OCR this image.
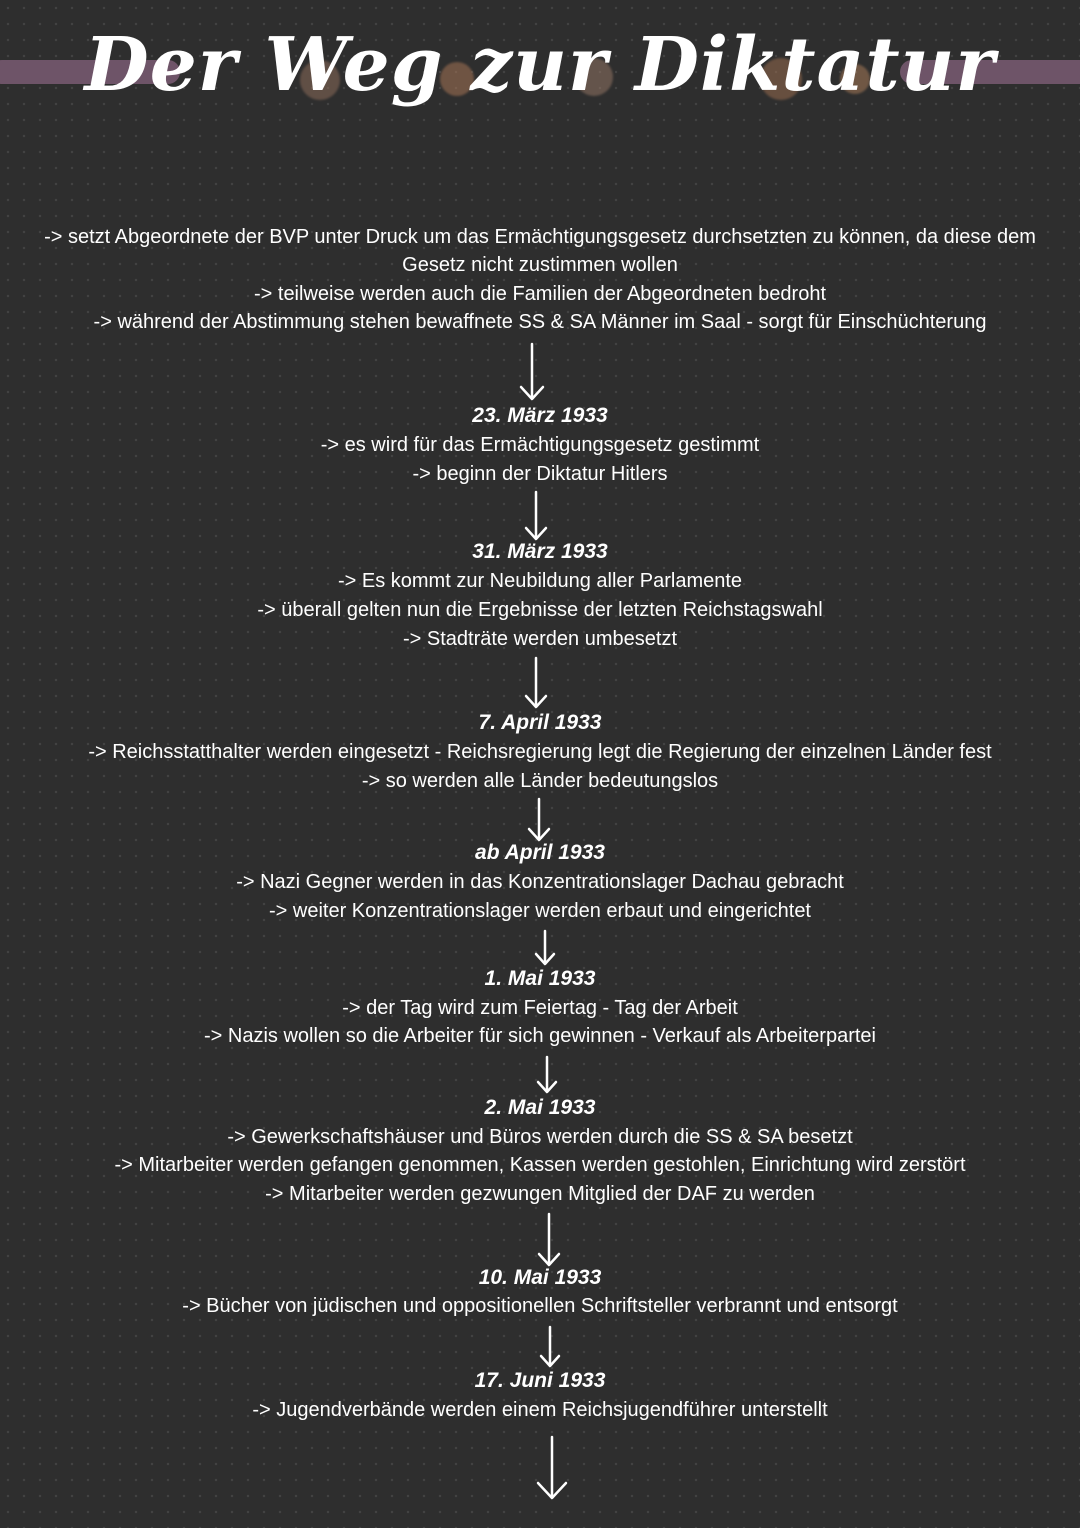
Der Weg zur Diktatur
-> setzt Abgeordnete der BVP unter Druck um das Ermächtigungsgesetz durchsetzten zu können, da diese dem
Gesetz nicht zustimmen wollen
-> teilweise werden auch die Familien der Abgeordneten bedroht
-> während der Abstimmung stehen bewaffnete SS & SA Männer im Saal - sorgt für Einschüchterung
23. März 1933
-> es wird für das Ermächtigungsgesetz gestimmt
-> beginn der Diktatur Hitlers
31. März 1933
-> Es kommt zur Neubildung aller Parlamente
-> überall gelten nun die Ergebnisse der letzten Reichstagswahl
-> Stadträte werden umbesetzt
7. April 1933
-> Reichsstatthalter werden eingesetzt - Reichsregierung legt die Regierung der einzelnen Länder fest
-> so werden alle Länder bedeutungslos
ab April 1933
-> Nazi Gegner werden in das Konzentrationslager Dachau gebracht
-> weiter Konzentrationslager werden erbaut und eingerichtet
1. Mai 1933
-> der Tag wird zum Feiertag - Tag der Arbeit
-> Nazis wollen so die Arbeiter für sich gewinnen - Verkauf als Arbeiterpartei
2. Mai 1933
-> Gewerkschaftshäuser und Büros werden durch die SS & SA besetzt
-> Mitarbeiter werden gefangen genommen, Kassen werden gestohlen, Einrichtung wird zerstört
-> Mitarbeiter werden gezwungen Mitglied der DAF zu werden
10. Mai 1933
-> Bücher von jüdischen und oppositionellen Schriftsteller verbrannt und entsorgt
17. Juni 1933
-> Jugendverbände werden einem Reichsjugendführer unterstellt
